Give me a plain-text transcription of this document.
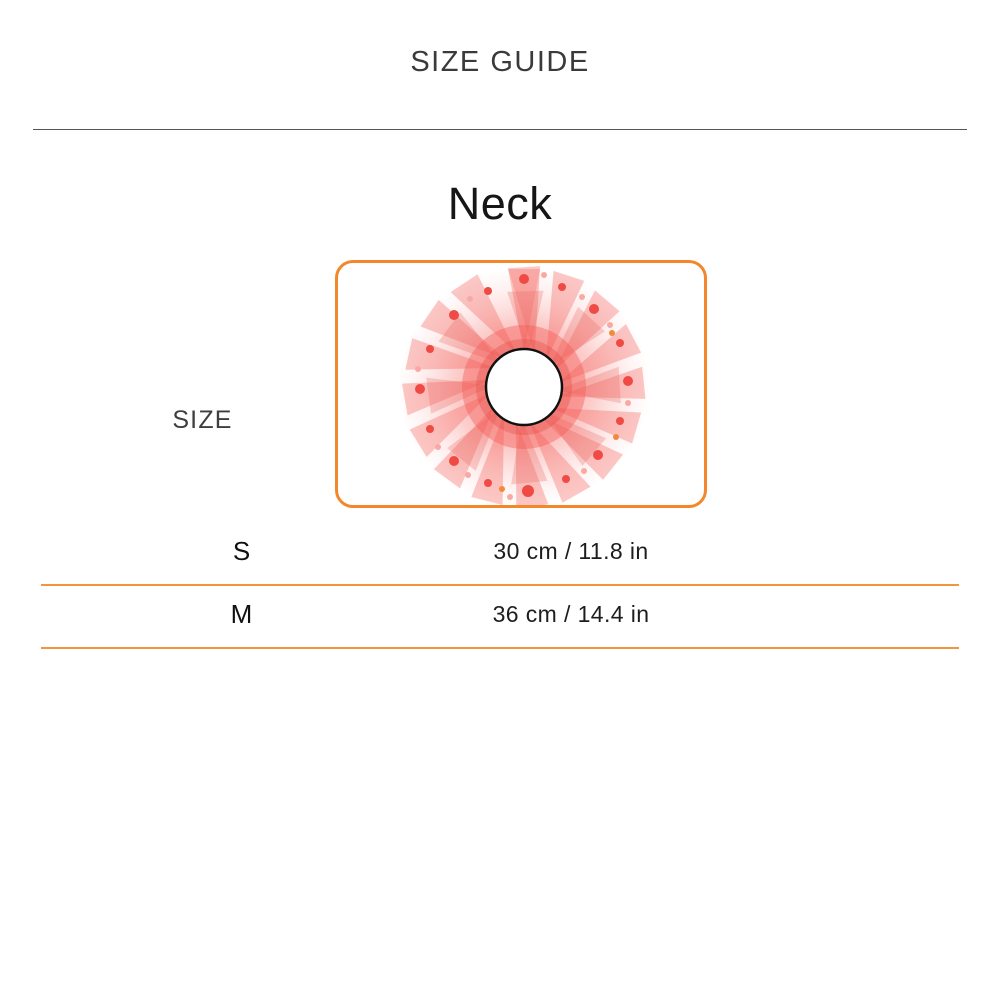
SIZE GUIDE
Neck
SIZE
S	30 cm / 11.8 in
M	36 cm / 14.4 in
